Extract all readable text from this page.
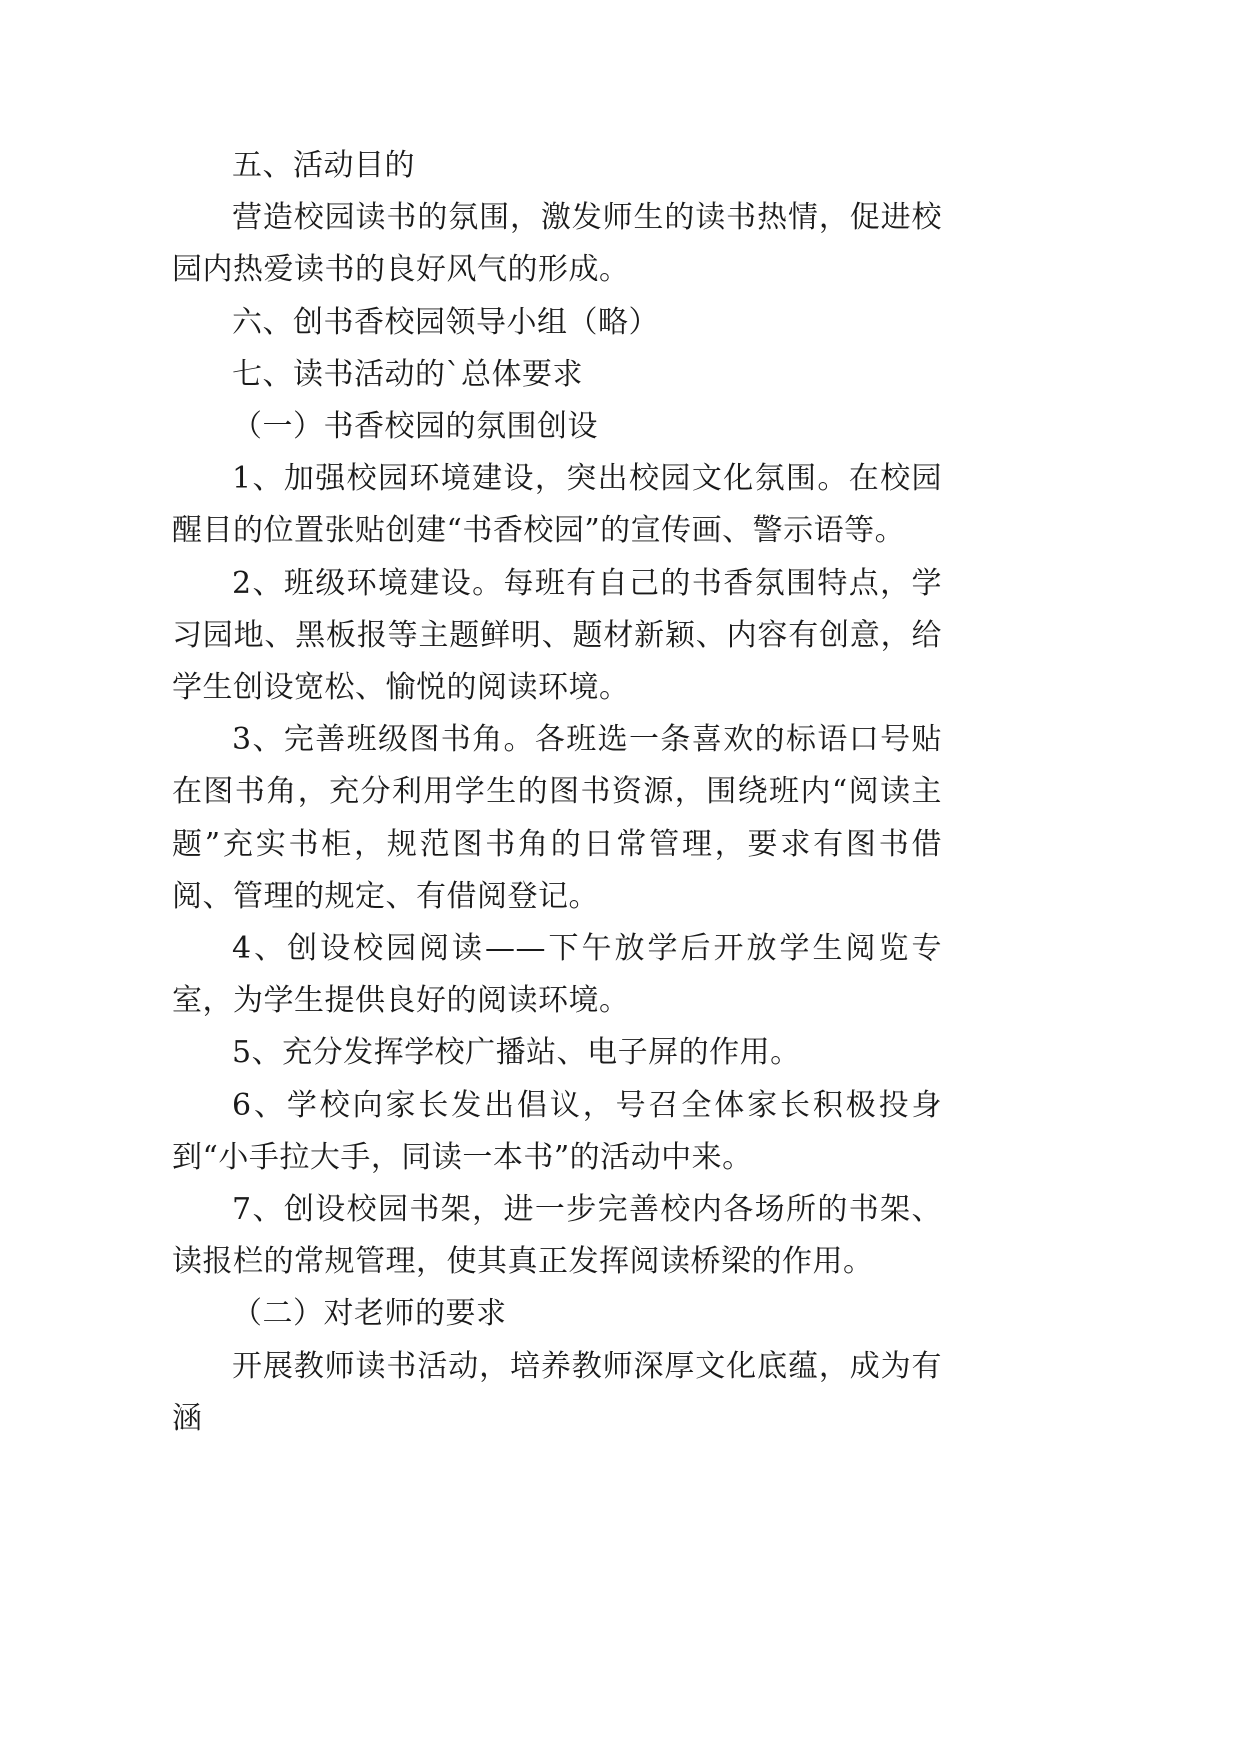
五、活动目的

营造校园读书的氛围，激发师生的读书热情，促进校园内热爱读书的良好风气的形成。

六、创书香校园领导小组（略）

七、读书活动的`总体要求

（一）书香校园的氛围创设

1、加强校园环境建设，突出校园文化氛围。在校园醒目的位置张贴创建“书香校园”的宣传画、警示语等。

2、班级环境建设。每班有自己的书香氛围特点，学习园地、黑板报等主题鲜明、题材新颖、内容有创意，给学生创设宽松、愉悦的阅读环境。

3、完善班级图书角。各班选一条喜欢的标语口号贴在图书角，充分利用学生的图书资源，围绕班内“阅读主题”充实书柜，规范图书角的日常管理，要求有图书借阅、管理的规定、有借阅登记。

4、创设校园阅读——下午放学后开放学生阅览专室，为学生提供良好的阅读环境。

5、充分发挥学校广播站、电子屏的作用。

6、学校向家长发出倡议，号召全体家长积极投身到“小手拉大手，同读一本书”的活动中来。

7、创设校园书架，进一步完善校内各场所的书架、读报栏的常规管理，使其真正发挥阅读桥梁的作用。

（二）对老师的要求

开展教师读书活动，培养教师深厚文化底蕴，成为有涵
